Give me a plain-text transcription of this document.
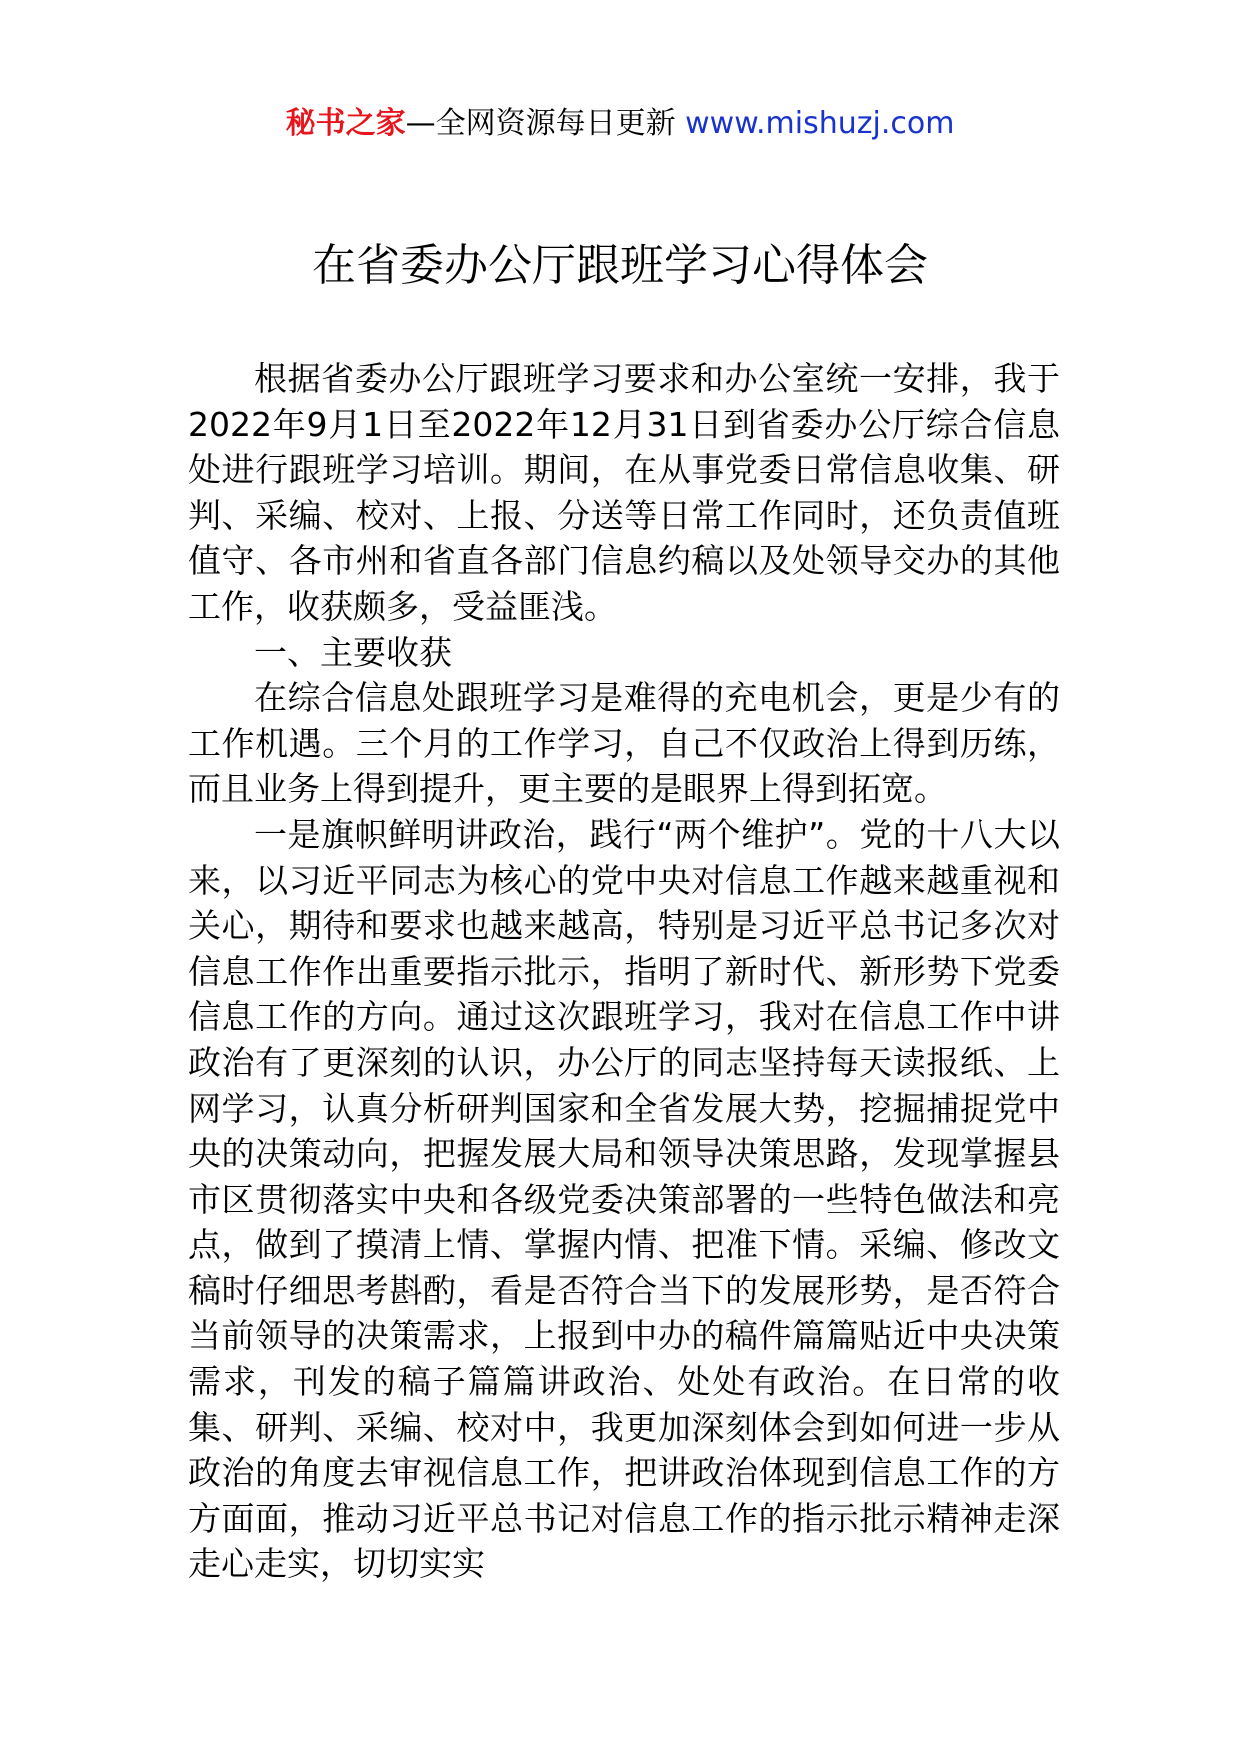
秘书之家—全网资源每日更新 www.mishuzj.com
在省委办公厅跟班学习心得体会

根据省委办公厅跟班学习要求和办公室统一安排，我于2022年9月1日至2022年12月31日到省委办公厅综合信息处进行跟班学习培训。期间，在从事党委日常信息收集、研判、采编、校对、上报、分送等日常工作同时，还负责值班值守、各市州和省直各部门信息约稿以及处领导交办的其他工作，收获颇多，受益匪浅。

一、主要收获

在综合信息处跟班学习是难得的充电机会，更是少有的工作机遇。三个月的工作学习，自己不仅政治上得到历练，而且业务上得到提升，更主要的是眼界上得到拓宽。

一是旗帜鲜明讲政治，践行“两个维护”。党的十八大以来，以习近平同志为核心的党中央对信息工作越来越重视和关心，期待和要求也越来越高，特别是习近平总书记多次对信息工作作出重要指示批示，指明了新时代、新形势下党委信息工作的方向。通过这次跟班学习，我对在信息工作中讲政治有了更深刻的认识，办公厅的同志坚持每天读报纸、上网学习，认真分析研判国家和全省发展大势，挖掘捕捉党中央的决策动向，把握发展大局和领导决策思路，发现掌握县市区贯彻落实中央和各级党委决策部署的一些特色做法和亮点，做到了摸清上情、掌握内情、把准下情。采编、修改文稿时仔细思考斟酌，看是否符合当下的发展形势，是否符合当前领导的决策需求，上报到中办的稿件篇篇贴近中央决策需求，刊发的稿子篇篇讲政治、处处有政治。在日常的收集、研判、采编、校对中，我更加深刻体会到如何进一步从政治的角度去审视信息工作，把讲政治体现到信息工作的方方面面，推动习近平总书记对信息工作的指示批示精神走深走心走实，切切实实
